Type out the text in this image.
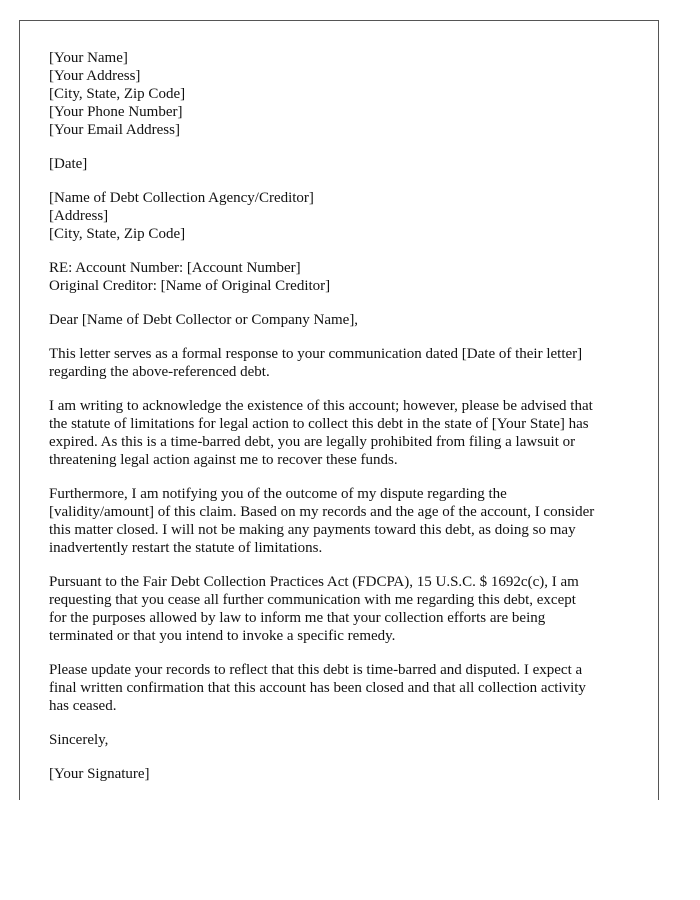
[Your Name]
[Your Address]
[City, State, Zip Code]
[Your Phone Number]
[Your Email Address]
[Date]
[Name of Debt Collection Agency/Creditor]
[Address]
[City, State, Zip Code]
RE: Account Number: [Account Number]
Original Creditor: [Name of Original Creditor]
Dear [Name of Debt Collector or Company Name],

This letter serves as a formal response to your communication dated [Date of their letter]
regarding the above-referenced debt.

I am writing to acknowledge the existence of this account; however, please be advised that
the statute of limitations for legal action to collect this debt in the state of [Your State] has
expired. As this is a time-barred debt, you are legally prohibited from filing a lawsuit or
threatening legal action against me to recover these funds.

Furthermore, I am notifying you of the outcome of my dispute regarding the
[validity/amount] of this claim. Based on my records and the age of the account, I consider
this matter closed. I will not be making any payments toward this debt, as doing so may
inadvertently restart the statute of limitations.

Pursuant to the Fair Debt Collection Practices Act (FDCPA), 15 U.S.C. $ 1692c(c), I am
requesting that you cease all further communication with me regarding this debt, except
for the purposes allowed by law to inform me that your collection efforts are being
terminated or that you intend to invoke a specific remedy.

Please update your records to reflect that this debt is time-barred and disputed. I expect a
final written confirmation that this account has been closed and that all collection activity
has ceased.

Sincerely,
[Your Signature]
